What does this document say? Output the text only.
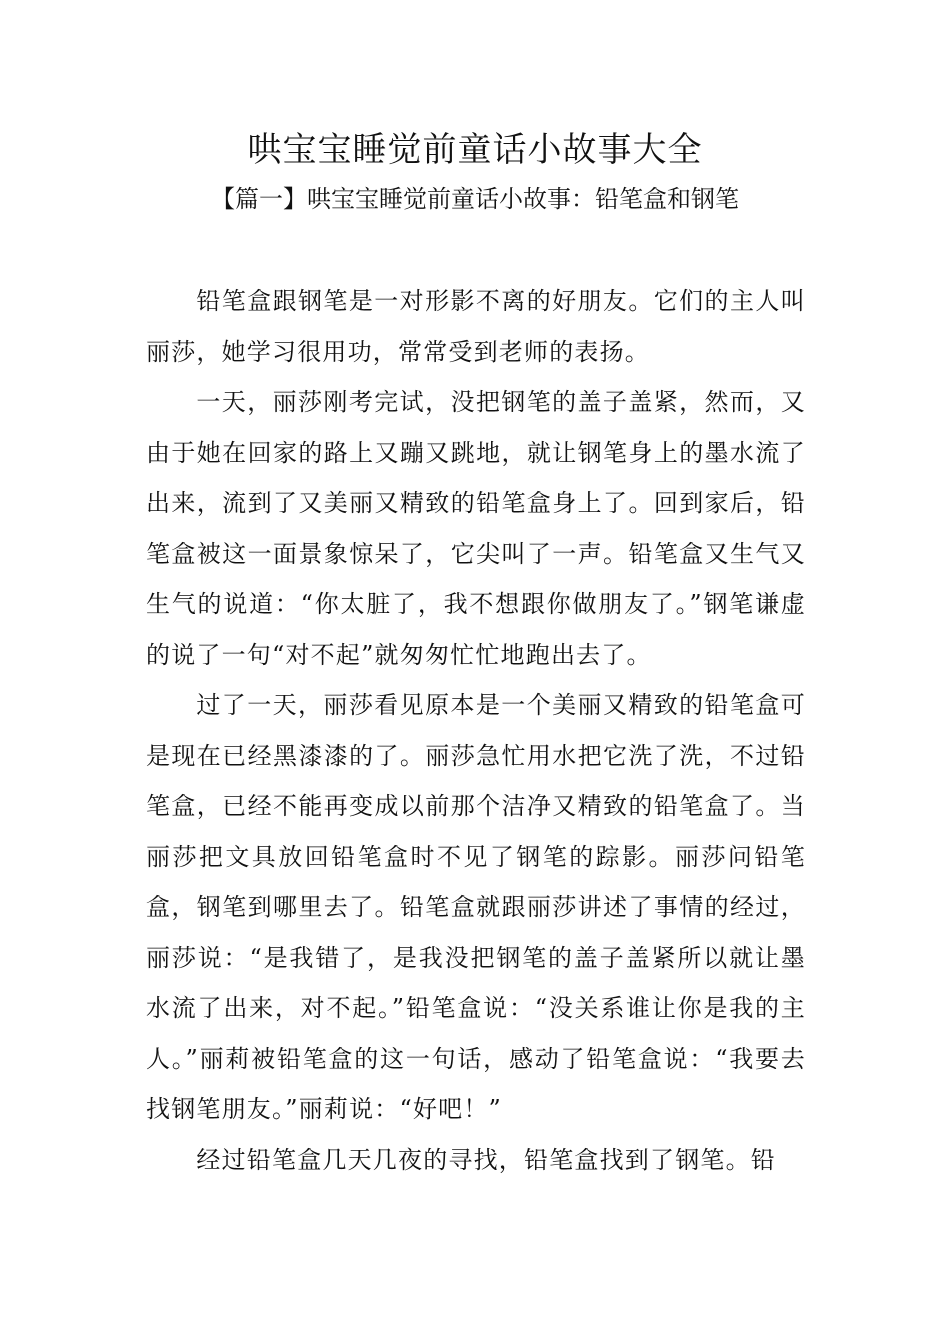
哄宝宝睡觉前童话小故事大全
【篇一】哄宝宝睡觉前童话小故事：铅笔盒和钢笔

铅笔盒跟钢笔是一对形影不离的好朋友。它们的主人叫丽莎，她学习很用功，常常受到老师的表扬。

一天，丽莎刚考完试，没把钢笔的盖子盖紧，然而，又由于她在回家的路上又蹦又跳地，就让钢笔身上的墨水流了出来，流到了又美丽又精致的铅笔盒身上了。回到家后，铅笔盒被这一面景象惊呆了，它尖叫了一声。铅笔盒又生气又生气的说道：“你太脏了，我不想跟你做朋友了。”钢笔谦虚的说了一句“对不起”就匆匆忙忙地跑出去了。

过了一天，丽莎看见原本是一个美丽又精致的铅笔盒可是现在已经黑漆漆的了。丽莎急忙用水把它洗了洗，不过铅笔盒，已经不能再变成以前那个洁净又精致的铅笔盒了。当丽莎把文具放回铅笔盒时不见了钢笔的踪影。丽莎问铅笔盒，钢笔到哪里去了。铅笔盒就跟丽莎讲述了事情的经过，丽莎说：“是我错了，是我没把钢笔的盖子盖紧所以就让墨水流了出来，对不起。”铅笔盒说：“没关系谁让你是我的主人。”丽莉被铅笔盒的这一句话，感动了铅笔盒说：“我要去找钢笔朋友。”丽莉说：“好吧！”

经过铅笔盒几天几夜的寻找，铅笔盒找到了钢笔。铅
